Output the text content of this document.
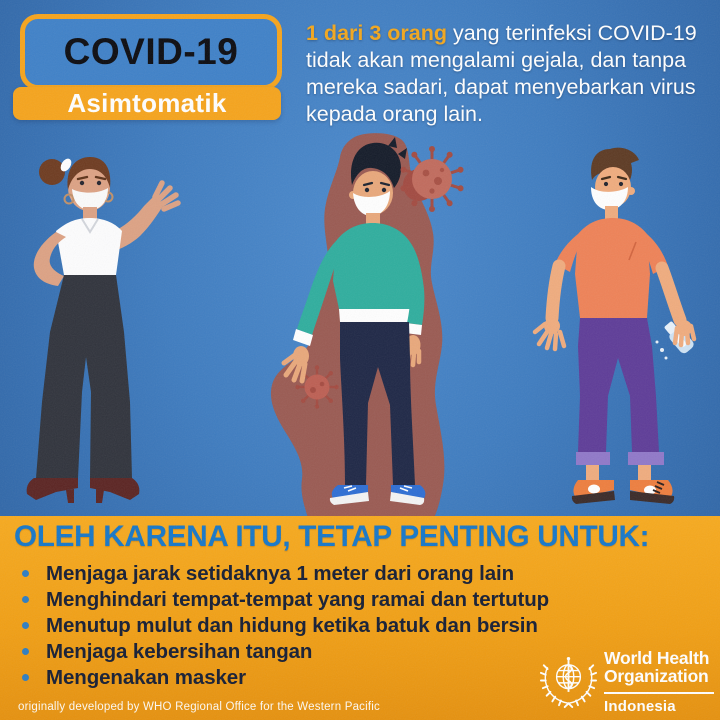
COVID-19
Asimtomatik

1 dari 3 orang yang terinfeksi COVID-19 tidak akan mengalami gejala, dan tanpa mereka sadari, dapat menyebarkan virus kepada orang lain.

OLEH KARENA ITU, TETAP PENTING UNTUK:
Menjaga jarak setidaknya 1 meter dari orang lain
Menghindari tempat-tempat yang ramai dan tertutup
Menutup mulut dan hidung ketika batuk dan bersin
Menjaga kebersihan tangan
Mengenakan masker
originally developed by WHO Regional Office for the Western Pacific
World Health
Organization
Indonesia
